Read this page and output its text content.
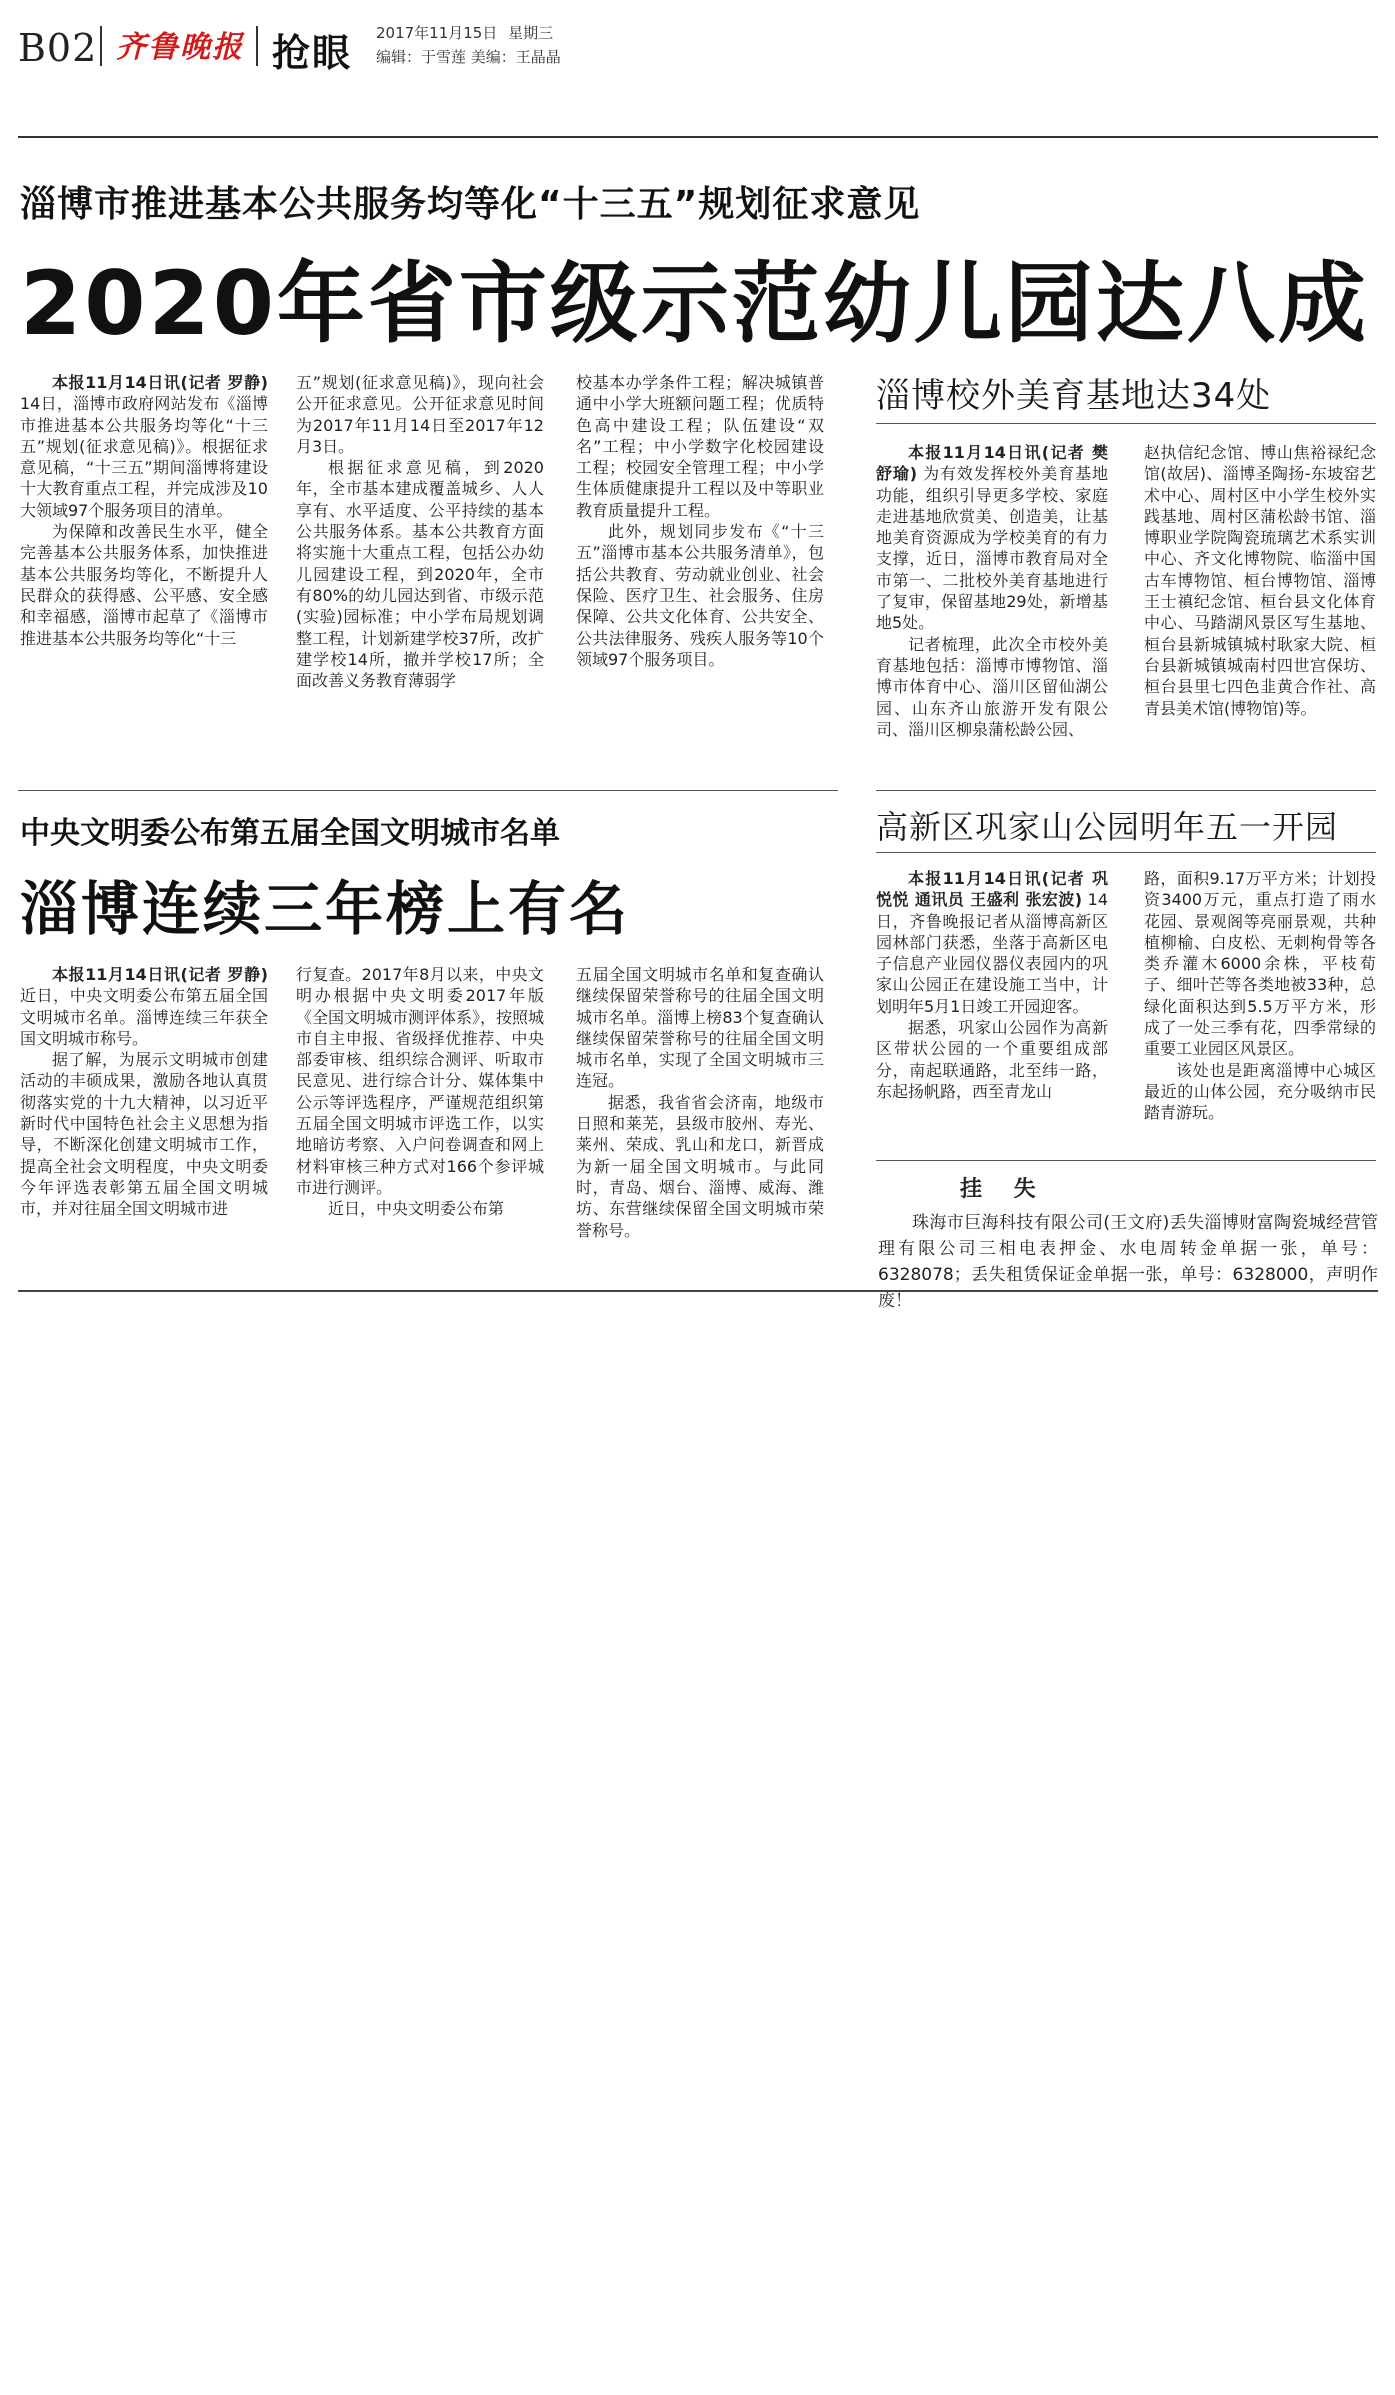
B02 齐鲁晚报 抢眼 2017年11月15日 星期三
编辑：于雪莲 美编：王晶晶
淄博市推进基本公共服务均等化“十三五”规划征求意见
2020年省市级示范幼儿园达八成

本报11月14日讯(记者 罗静) 14日，淄博市政府网站发布《淄博市推进基本公共服务均等化“十三五”规划(征求意见稿)》。根据征求意见稿，“十三五”期间淄博将建设十大教育重点工程，并完成涉及10大领域97个服务项目的清单。

为保障和改善民生水平，健全完善基本公共服务体系，加快推进基本公共服务均等化，不断提升人民群众的获得感、公平感、安全感和幸福感，淄博市起草了《淄博市推进基本公共服务均等化“十三

五”规划(征求意见稿)》，现向社会公开征求意见。公开征求意见时间为2017年11月14日至2017年12月3日。

根据征求意见稿，到2020年，全市基本建成覆盖城乡、人人享有、水平适度、公平持续的基本公共服务体系。基本公共教育方面将实施十大重点工程，包括公办幼儿园建设工程，到2020年，全市有80%的幼儿园达到省、市级示范(实验)园标准；中小学布局规划调整工程，计划新建学校37所，改扩建学校14所，撤并学校17所；全面改善义务教育薄弱学

校基本办学条件工程；解决城镇普通中小学大班额问题工程；优质特色高中建设工程；队伍建设“双名”工程；中小学数字化校园建设工程；校园安全管理工程；中小学生体质健康提升工程以及中等职业教育质量提升工程。

此外，规划同步发布《“十三五”淄博市基本公共服务清单》，包括公共教育、劳动就业创业、社会保险、医疗卫生、社会服务、住房保障、公共文化体育、公共安全、公共法律服务、残疾人服务等10个领域97个服务项目。

淄博校外美育基地达34处

本报11月14日讯(记者 樊舒瑜) 为有效发挥校外美育基地功能，组织引导更多学校、家庭走进基地欣赏美、创造美，让基地美育资源成为学校美育的有力支撑，近日，淄博市教育局对全市第一、二批校外美育基地进行了复审，保留基地29处，新增基地5处。

记者梳理，此次全市校外美育基地包括：淄博市博物馆、淄博市体育中心、淄川区留仙湖公园、山东齐山旅游开发有限公司、淄川区柳泉蒲松龄公园、

赵执信纪念馆、博山焦裕禄纪念馆(故居)、淄博圣陶扬-东坡窑艺术中心、周村区中小学生校外实践基地、周村区蒲松龄书馆、淄博职业学院陶瓷琉璃艺术系实训中心、齐文化博物院、临淄中国古车博物馆、桓台博物馆、淄博王士禛纪念馆、桓台县文化体育中心、马踏湖风景区写生基地、桓台县新城镇城村耿家大院、桓台县新城镇城南村四世宫保坊、桓台县里七四色韭黄合作社、高青县美术馆(博物馆)等。

中央文明委公布第五届全国文明城市名单
淄博连续三年榜上有名

本报11月14日讯(记者 罗静) 近日，中央文明委公布第五届全国文明城市名单。淄博连续三年获全国文明城市称号。

据了解，为展示文明城市创建活动的丰硕成果，激励各地认真贯彻落实党的十九大精神，以习近平新时代中国特色社会主义思想为指导，不断深化创建文明城市工作，提高全社会文明程度，中央文明委今年评选表彰第五届全国文明城市，并对往届全国文明城市进

行复查。2017年8月以来，中央文明办根据中央文明委2017年版《全国文明城市测评体系》，按照城市自主申报、省级择优推荐、中央部委审核、组织综合测评、听取市民意见、进行综合计分、媒体集中公示等评选程序，严谨规范组织第五届全国文明城市评选工作，以实地暗访考察、入户问卷调查和网上材料审核三种方式对166个参评城市进行测评。

近日，中央文明委公布第

五届全国文明城市名单和复查确认继续保留荣誉称号的往届全国文明城市名单。淄博上榜83个复查确认继续保留荣誉称号的往届全国文明城市名单，实现了全国文明城市三连冠。

据悉，我省省会济南，地级市日照和莱芜，县级市胶州、寿光、莱州、荣成、乳山和龙口，新晋成为新一届全国文明城市。与此同时，青岛、烟台、淄博、威海、潍坊、东营继续保留全国文明城市荣誉称号。

高新区巩家山公园明年五一开园

本报11月14日讯(记者 巩悦悦 通讯员 王盛利 张宏波) 14日，齐鲁晚报记者从淄博高新区园林部门获悉，坐落于高新区电子信息产业园仪器仪表园内的巩家山公园正在建设施工当中，计划明年5月1日竣工开园迎客。

据悉，巩家山公园作为高新区带状公园的一个重要组成部分，南起联通路，北至纬一路，东起扬帆路，西至青龙山

路，面积9.17万平方米；计划投资3400万元，重点打造了雨水花园、景观阁等亮丽景观，共种植柳榆、白皮松、无刺枸骨等各类乔灌木6000余株，平枝荀子、细叶芒等各类地被33种，总绿化面积达到5.5万平方米，形成了一处三季有花，四季常绿的重要工业园区风景区。

该处也是距离淄博中心城区最近的山体公园，充分吸纳市民踏青游玩。

挂 失
珠海市巨海科技有限公司(王文府)丢失淄博财富陶瓷城经营管理有限公司三相电表押金、水电周转金单据一张，单号：6328078；丢失租赁保证金单据一张，单号：6328000，声明作废！
